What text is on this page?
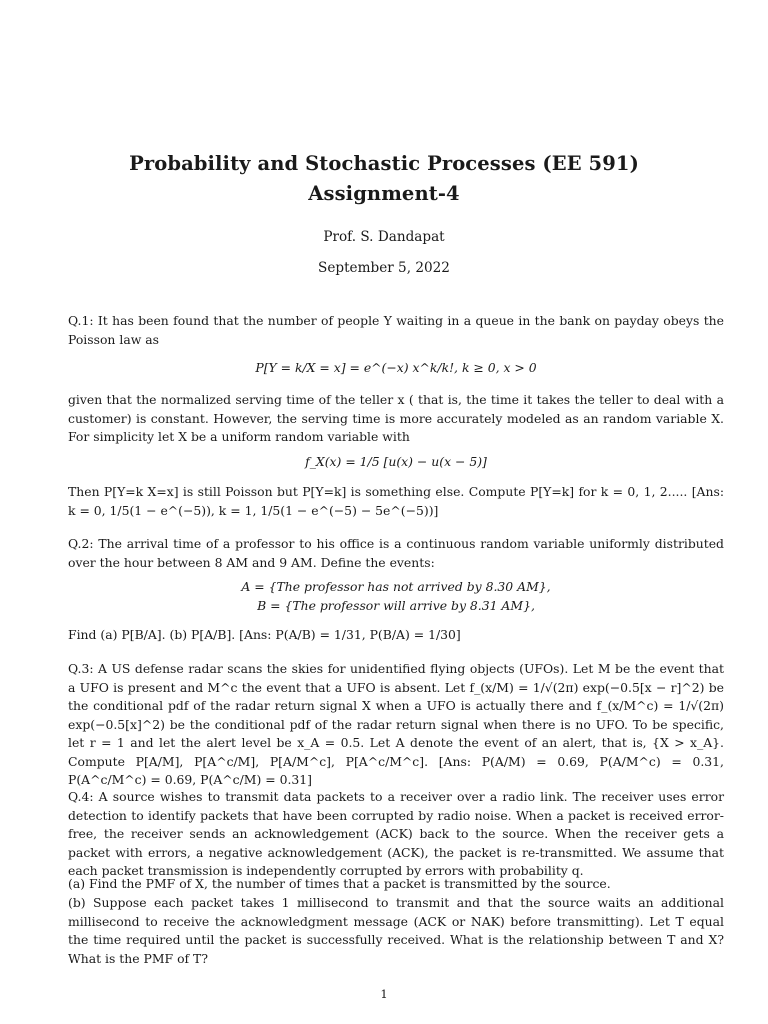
Probability and Stochastic Processes (EE 591)
Assignment-4
Prof. S. Dandapat
September 5, 2022

Q.1: It has been found that the number of people Y waiting in a queue in the bank on payday obeys the Poisson law as

P[Y = k/X = x] = e^(−x) x^k/k!, k ≥ 0, x > 0

given that the normalized serving time of the teller x ( that is, the time it takes the teller to deal with a customer) is constant. However, the serving time is more accurately modeled as an random variable X. For simplicity let X be a uniform random variable with

f_X(x) = 1/5 [u(x) − u(x − 5)]

Then P[Y=k X=x] is still Poisson but P[Y=k] is something else. Compute P[Y=k] for k = 0, 1, 2..... [Ans: k = 0, 1/5(1 − e^(−5)), k = 1, 1/5(1 − e^(−5) − 5e^(−5))]

Q.2: The arrival time of a professor to his office is a continuous random variable uniformly distributed over the hour between 8 AM and 9 AM. Define the events:

A = {The professor has not arrived by 8.30 AM},
B = {The professor will arrive by 8.31 AM},

Find (a) P[B/A]. (b) P[A/B]. [Ans: P(A/B) = 1/31, P(B/A) = 1/30]

Q.3: A US defense radar scans the skies for unidentified flying objects (UFOs). Let M be the event that a UFO is present and M^c the event that a UFO is absent. Let f_(x/M) = 1/√(2π) exp(−0.5[x − r]^2) be the conditional pdf of the radar return signal X when a UFO is actually there and f_(x/M^c) = 1/√(2π) exp(−0.5[x]^2) be the conditional pdf of the radar return signal when there is no UFO. To be specific, let r = 1 and let the alert level be x_A = 0.5. Let A denote the event of an alert, that is, {X > x_A}. Compute P[A/M], P[A^c/M], P[A/M^c], P[A^c/M^c]. [Ans: P(A/M) = 0.69, P(A/M^c) = 0.31, P(A^c/M^c) = 0.69, P(A^c/M) = 0.31]

Q.4: A source wishes to transmit data packets to a receiver over a radio link. The receiver uses error detection to identify packets that have been corrupted by radio noise. When a packet is received error-free, the receiver sends an acknowledgement (ACK) back to the source. When the receiver gets a packet with errors, a negative acknowledgement (ACK), the packet is re-transmitted. We assume that each packet transmission is independently corrupted by errors with probability q.

(a) Find the PMF of X, the number of times that a packet is transmitted by the source.

(b) Suppose each packet takes 1 millisecond to transmit and that the source waits an additional millisecond to receive the acknowledgment message (ACK or NAK) before transmitting). Let T equal the time required until the packet is successfully received. What is the relationship between T and X? What is the PMF of T?

1
